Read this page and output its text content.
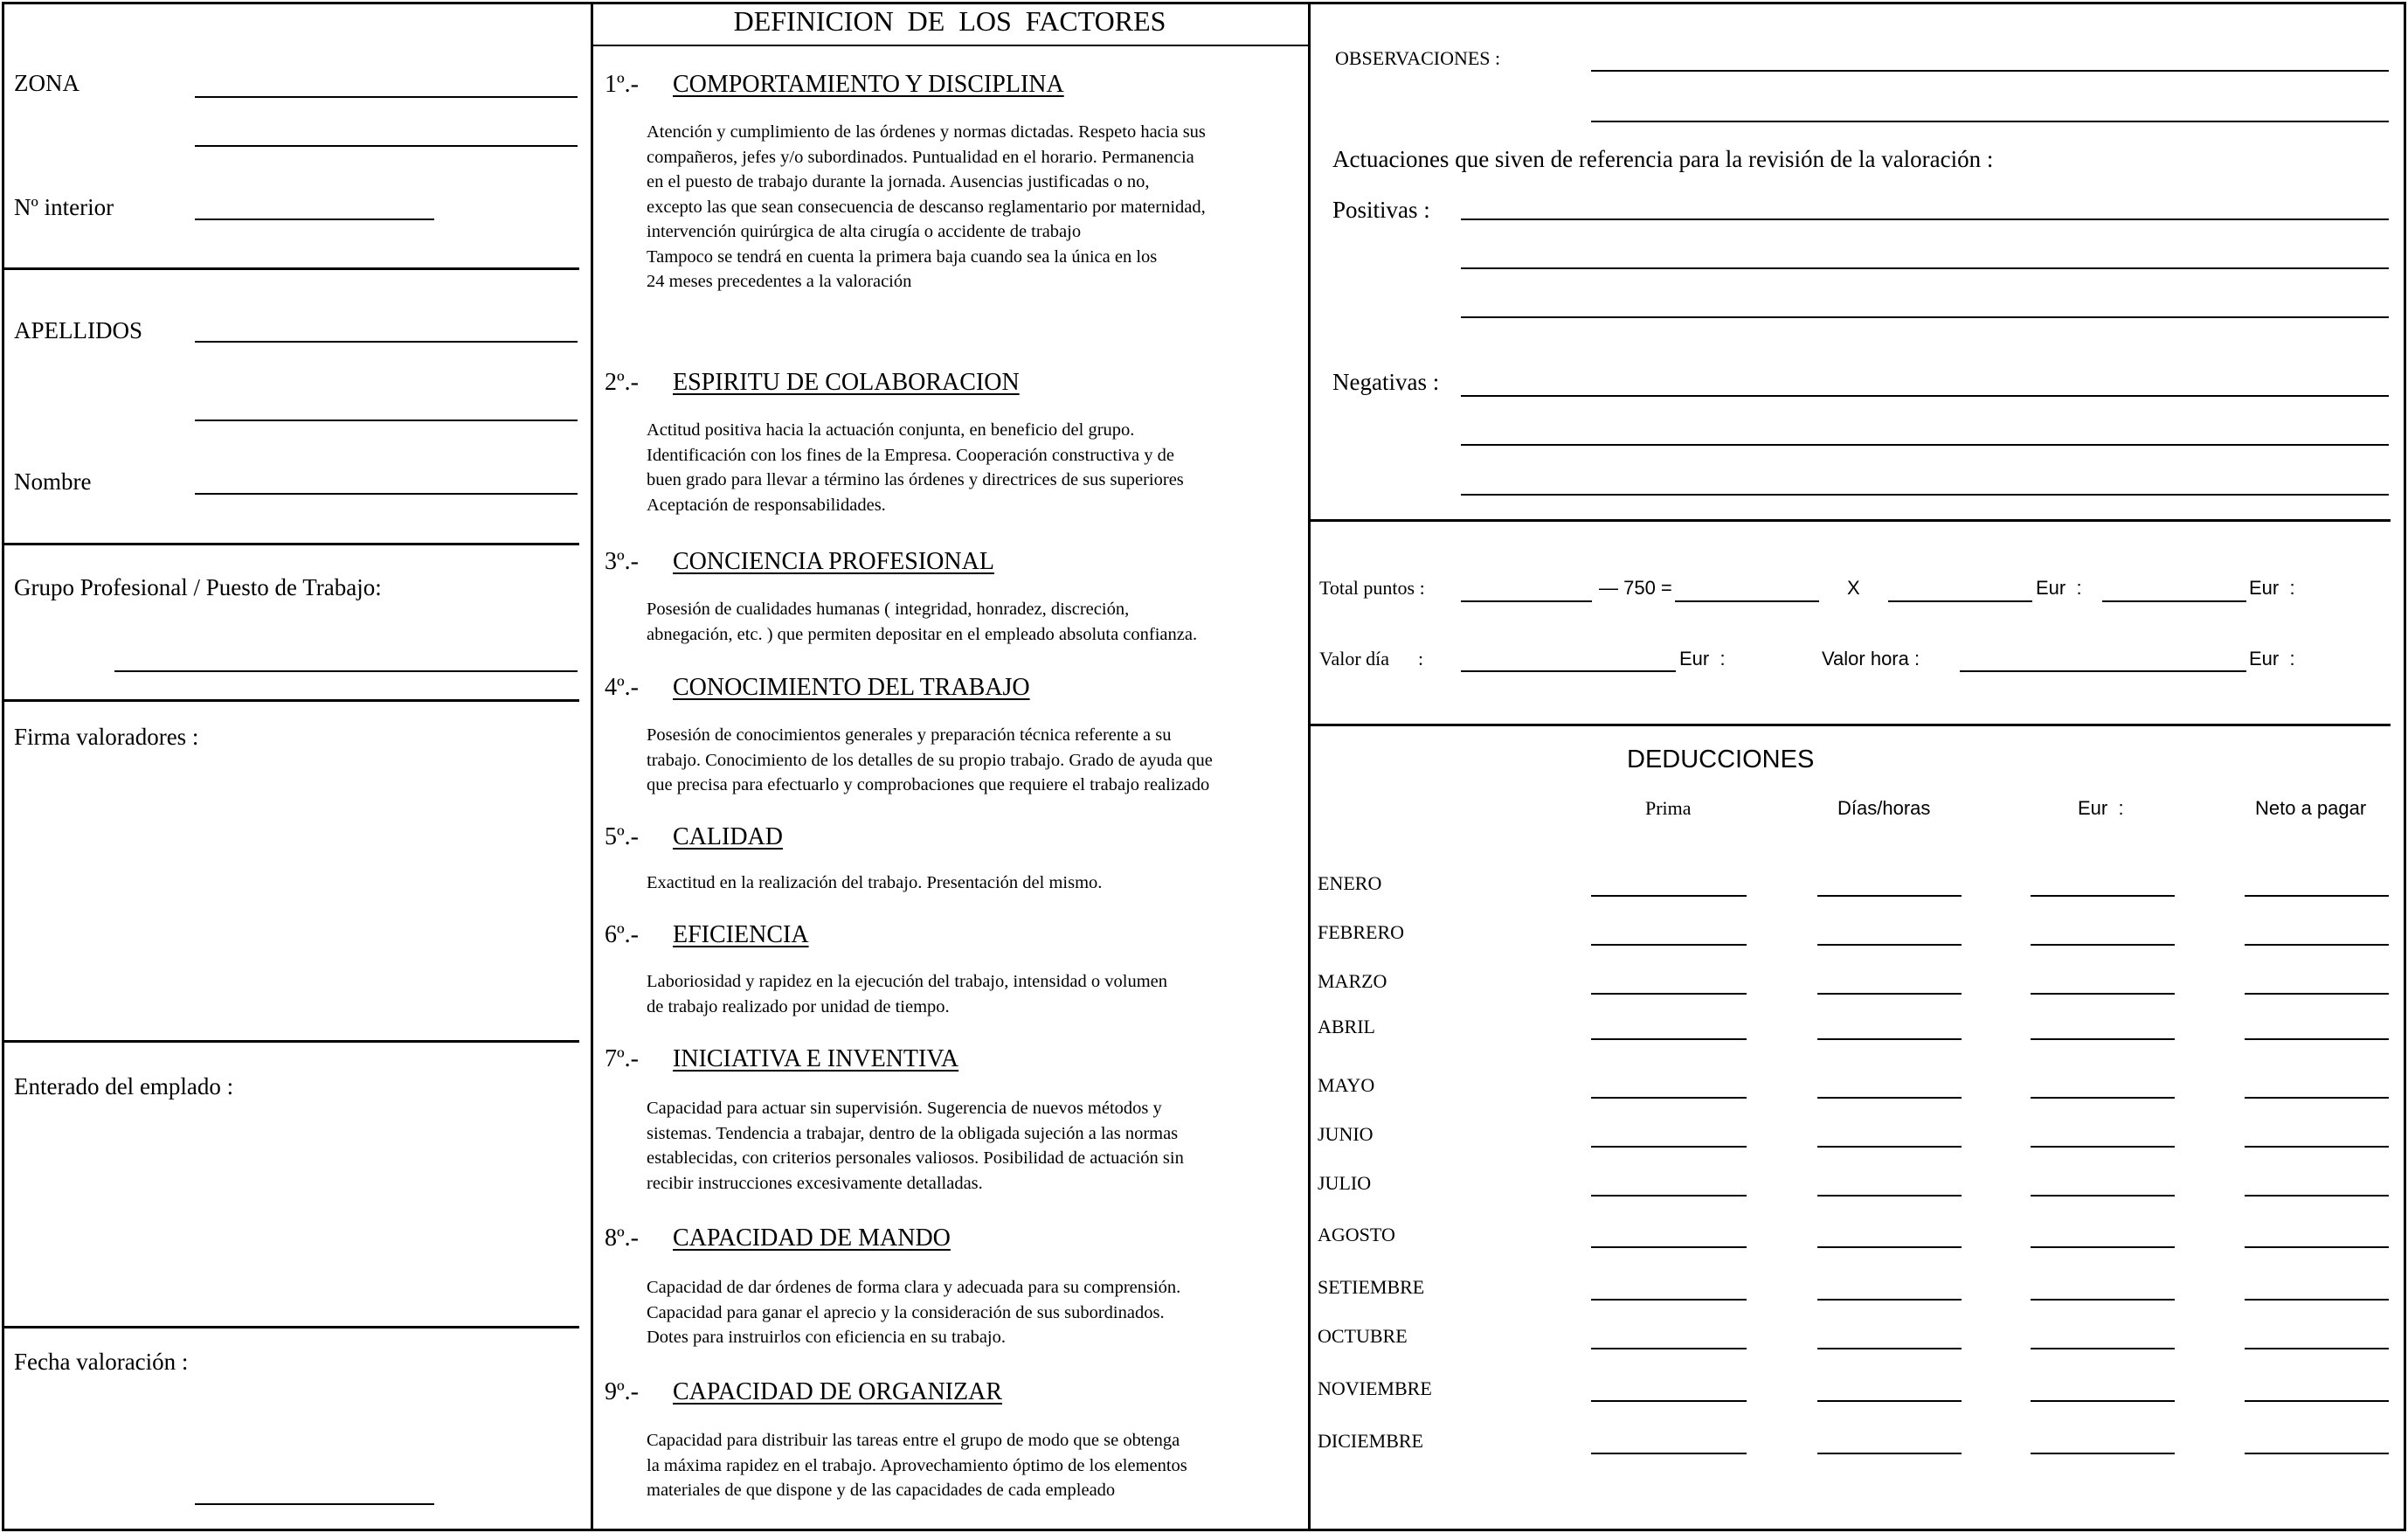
ZONA
Nº interior
APELLIDOS
Nombre
Grupo Profesional / Puesto de Trabajo:
Firma valoradores :
Enterado del emplado :
Fecha valoración :
DEFINICION  DE  LOS  FACTORES
1º.- COMPORTAMIENTO Y DISCIPLINA
Atención y cumplimiento de las órdenes y normas dictadas. Respeto hacia sus
compañeros, jefes y/o subordinados. Puntualidad en el horario. Permanencia
en el puesto de trabajo durante la jornada. Ausencias justificadas o no,
excepto las que sean consecuencia de descanso reglamentario por maternidad,
intervención quirúrgica de alta cirugía o accidente de trabajo
Tampoco se tendrá en cuenta la primera baja cuando sea la única en los
24 meses precedentes a la valoración
2º.- ESPIRITU DE COLABORACION
Actitud positiva hacia la actuación conjunta, en beneficio del grupo.
Identificación con los fines de la Empresa. Cooperación constructiva y de
buen grado para llevar a término las órdenes y directrices de sus superiores
Aceptación de responsabilidades.
3º.- CONCIENCIA PROFESIONAL
Posesión de cualidades humanas ( integridad, honradez, discreción,
abnegación, etc. ) que permiten depositar en el empleado absoluta confianza.
4º.- CONOCIMIENTO DEL TRABAJO
Posesión de conocimientos generales y preparación técnica referente a su
trabajo. Conocimiento de los detalles de su propio trabajo. Grado de ayuda que
que precisa para efectuarlo y comprobaciones que requiere el trabajo realizado
5º.- CALIDAD
Exactitud en la realización del trabajo. Presentación del mismo.
6º.- EFICIENCIA
Laboriosidad y rapidez en la ejecución del trabajo, intensidad o volumen
de trabajo realizado por unidad de tiempo.
7º.- INICIATIVA E INVENTIVA
Capacidad para actuar sin supervisión. Sugerencia de nuevos métodos y
sistemas. Tendencia a trabajar, dentro de la obligada sujeción a las normas
establecidas, con criterios personales valiosos. Posibilidad de actuación sin
recibir instrucciones excesivamente detalladas.
8º.- CAPACIDAD DE MANDO
Capacidad de dar órdenes de forma clara y adecuada para su comprensión.
Capacidad para ganar el aprecio y la consideración de sus subordinados.
Dotes para instruirlos con eficiencia en su trabajo.
9º.- CAPACIDAD DE ORGANIZAR
Capacidad para distribuir las tareas entre el grupo de modo que se obtenga
la máxima rapidez en el trabajo. Aprovechamiento óptimo de los elementos
materiales de que dispone y de las capacidades de cada empleado
OBSERVACIONES :
Actuaciones que siven de referencia para la revisión de la valoración :
Positivas :
Negativas :
Total puntos :	— 750 =	X	Eur  :	Eur  :
Valor día      :	Eur  :	Valor hora :	Eur  :
DEDUCCIONES
Prima	Días/horas	Eur  :	Neto a pagar
ENERO
FEBRERO
MARZO
ABRIL
MAYO
JUNIO
JULIO
AGOSTO
SETIEMBRE
OCTUBRE
NOVIEMBRE
DICIEMBRE
